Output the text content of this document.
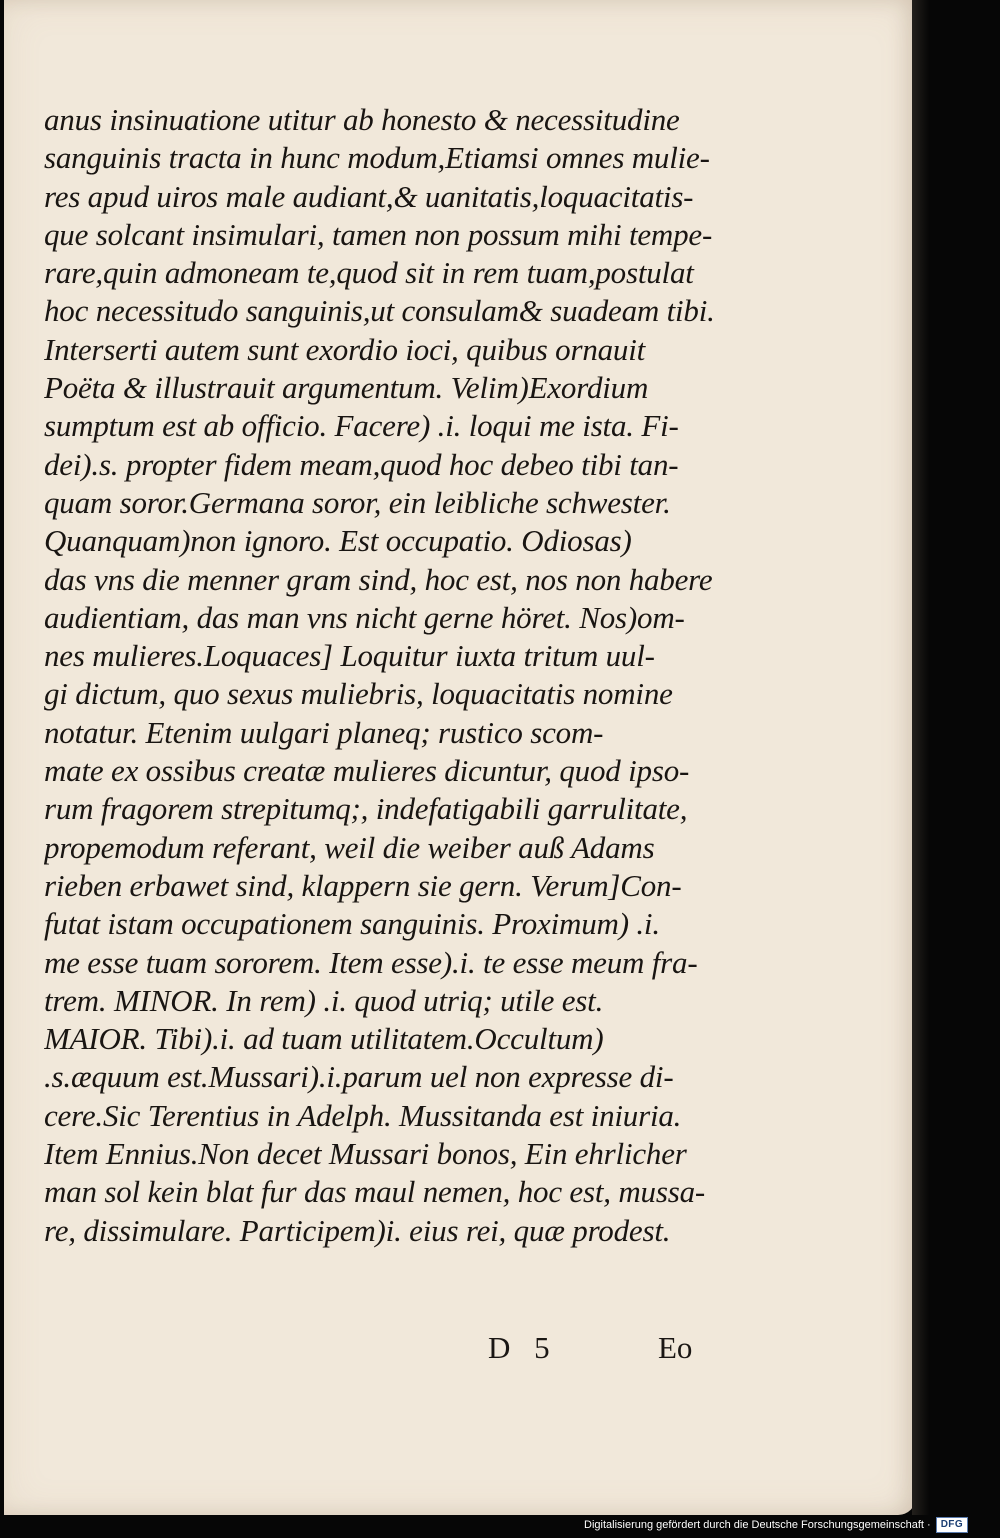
anus insinuatione utitur ab honesto & necessitudine
sanguinis tracta in hunc modum,Etiamsi omnes mulie-
res apud uiros male audiant,& uanitatis,loquacitatis-
que solcant insimulari, tamen non possum mihi tempe-
rare,quin admoneam te,quod sit in rem tuam,postulat
hoc necessitudo sanguinis,ut consulam& suadeam tibi.
Interserti autem sunt exordio ioci, quibus ornauit
Poëta & illustrauit argumentum. Velim)Exordium
sumptum est ab officio. Facere) .i. loqui me ista. Fi-
dei).s. propter fidem meam,quod hoc debeo tibi tan-
quam soror.Germana soror, ein leibliche schwester.
Quanquam)non ignoro. Est occupatio. Odiosas)
das vns die menner gram sind, hoc est, nos non habere
audientiam, das man vns nicht gerne höret. Nos)om-
nes mulieres.Loquaces] Loquitur iuxta tritum uul-
gi dictum, quo sexus muliebris, loquacitatis nomine
notatur. Etenim uulgari planeq; rustico scom-
mate ex ossibus creatæ mulieres dicuntur, quod ipso-
rum fragorem strepitumq;, indefatigabili garrulitate,
propemodum referant, weil die weiber auß Adams
rieben erbawet sind, klappern sie gern. Verum]Con-
futat istam occupationem sanguinis. Proximum) .i.
me esse tuam sororem. Item esse).i. te esse meum fra-
trem. MINOR. In rem) .i. quod utriq; utile est.
MAIOR. Tibi).i. ad tuam utilitatem.Occultum)
.s.æquum est.Mussari).i.parum uel non expresse di-
cere.Sic Terentius in Adelph. Mussitanda est iniuria.
Item Ennius.Non decet Mussari bonos, Ein ehrlicher
man sol kein blat fur das maul nemen, hoc est, mussa-
re, dissimulare. Participem)i. eius rei, quæ prodest.
D 5	Eo
Digitalisierung gefördert durch die Deutsche Forschungsgemeinschaft ·	DFG
